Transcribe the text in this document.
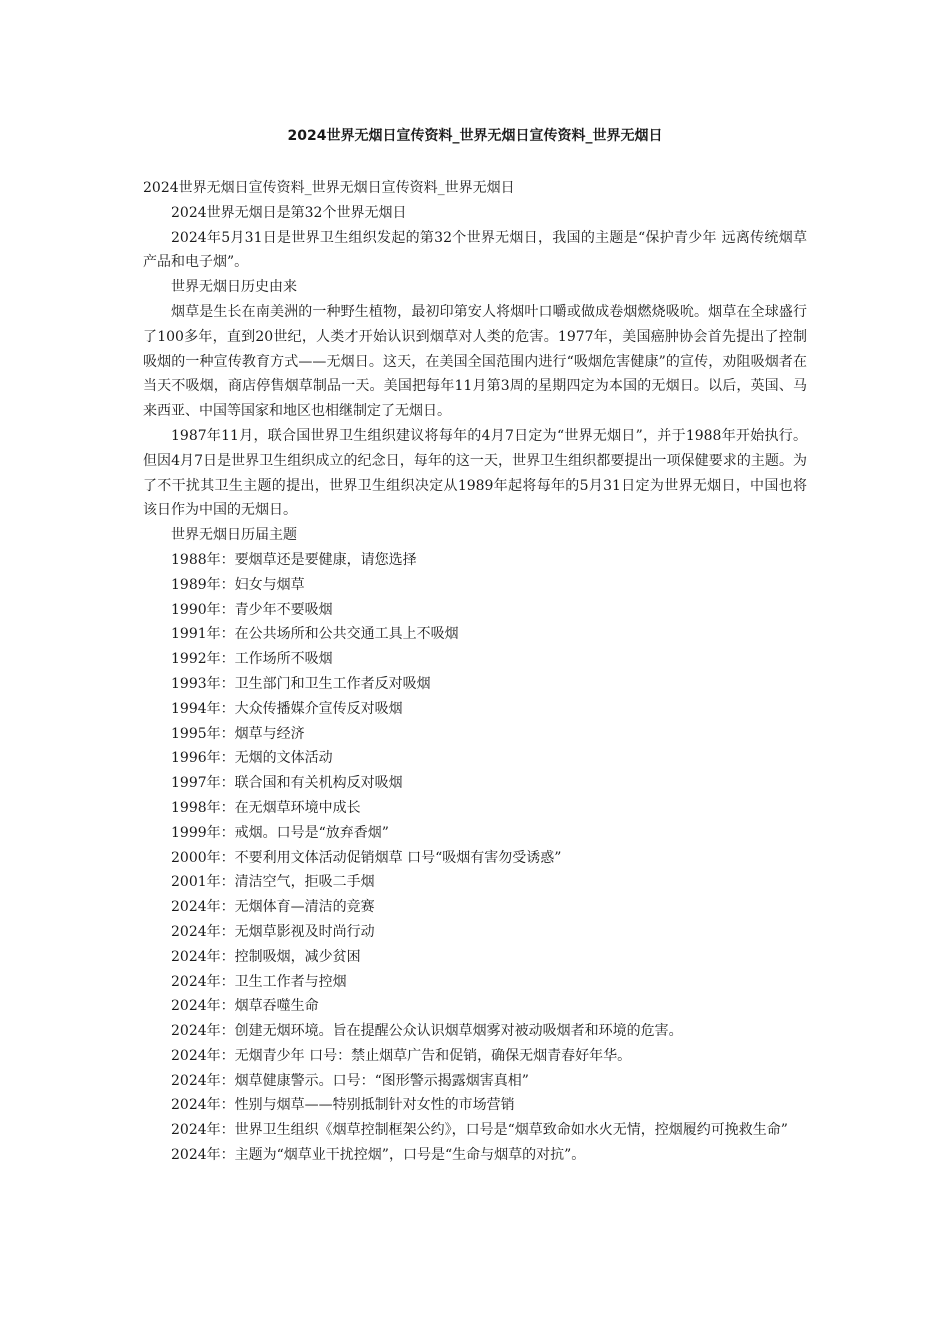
2024世界无烟日宣传资料_世界无烟日宣传资料_世界无烟日

2024世界无烟日宣传资料_世界无烟日宣传资料_世界无烟日

2024世界无烟日是第32个世界无烟日

2024年5月31日是世界卫生组织发起的第32个世界无烟日，我国的主题是“保护青少年 远离传统烟草产品和电子烟”。

世界无烟日历史由来

烟草是生长在南美洲的一种野生植物，最初印第安人将烟叶口嚼或做成卷烟燃烧吸吮。烟草在全球盛行了100多年，直到20世纪，人类才开始认识到烟草对人类的危害。1977年，美国癌肿协会首先提出了控制吸烟的一种宣传教育方式——无烟日。这天，在美国全国范围内进行“吸烟危害健康”的宣传，劝阻吸烟者在当天不吸烟，商店停售烟草制品一天。美国把每年11月第3周的星期四定为本国的无烟日。以后，英国、马来西亚、中国等国家和地区也相继制定了无烟日。

1987年11月，联合国世界卫生组织建议将每年的4月7日定为“世界无烟日”，并于1988年开始执行。但因4月7日是世界卫生组织成立的纪念日，每年的这一天，世界卫生组织都要提出一项保健要求的主题。为了不干扰其卫生主题的提出，世界卫生组织决定从1989年起将每年的5月31日定为世界无烟日，中国也将该日作为中国的无烟日。

世界无烟日历届主题

1988年：要烟草还是要健康，请您选择

1989年：妇女与烟草

1990年：青少年不要吸烟

1991年：在公共场所和公共交通工具上不吸烟

1992年：工作场所不吸烟

1993年：卫生部门和卫生工作者反对吸烟

1994年：大众传播媒介宣传反对吸烟

1995年：烟草与经济

1996年：无烟的文体活动

1997年：联合国和有关机构反对吸烟

1998年：在无烟草环境中成长

1999年：戒烟。口号是“放弃香烟”

2000年：不要利用文体活动促销烟草 口号“吸烟有害勿受诱惑”

2001年：清洁空气，拒吸二手烟

2024年：无烟体育—清洁的竞赛

2024年：无烟草影视及时尚行动

2024年：控制吸烟，减少贫困

2024年：卫生工作者与控烟

2024年：烟草吞噬生命

2024年：创建无烟环境。旨在提醒公众认识烟草烟雾对被动吸烟者和环境的危害。

2024年：无烟青少年 口号：禁止烟草广告和促销，确保无烟青春好年华。

2024年：烟草健康警示。口号：“图形警示揭露烟害真相”

2024年：性别与烟草——特别抵制针对女性的市场营销

2024年：世界卫生组织《烟草控制框架公约》，口号是“烟草致命如水火无情，控烟履约可挽救生命”

2024年：主题为“烟草业干扰控烟”，口号是“生命与烟草的对抗”。
